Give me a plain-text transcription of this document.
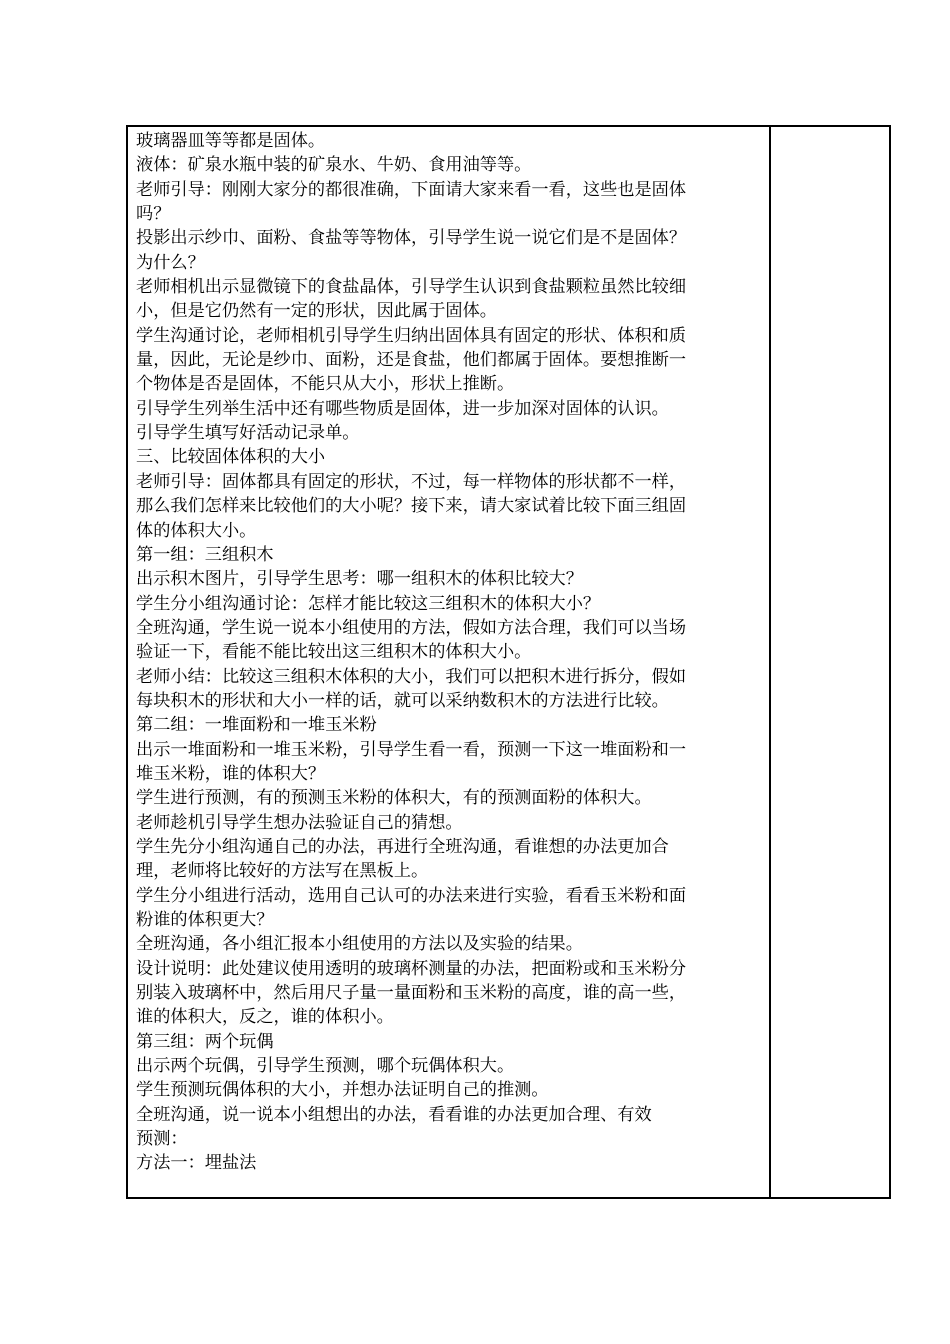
玻璃器皿等等都是固体。
液体：矿泉水瓶中装的矿泉水、牛奶、食用油等等。
老师引导：刚刚大家分的都很准确，下面请大家来看一看，这些也是固体
吗？
投影出示纱巾、面粉、食盐等等物体，引导学生说一说它们是不是固体？
为什么？
老师相机出示显微镜下的食盐晶体，引导学生认识到食盐颗粒虽然比较细
小，但是它仍然有一定的形状，因此属于固体。
学生沟通讨论，老师相机引导学生归纳出固体具有固定的形状、体积和质
量，因此，无论是纱巾、面粉，还是食盐，他们都属于固体。要想推断一
个物体是否是固体，不能只从大小，形状上推断。
引导学生列举生活中还有哪些物质是固体，进一步加深对固体的认识。
引导学生填写好活动记录单。
三、比较固体体积的大小
老师引导：固体都具有固定的形状，不过，每一样物体的形状都不一样，
那么我们怎样来比较他们的大小呢？接下来，请大家试着比较下面三组固
体的体积大小。
第一组：三组积木
出示积木图片，引导学生思考：哪一组积木的体积比较大？
学生分小组沟通讨论：怎样才能比较这三组积木的体积大小？
全班沟通，学生说一说本小组使用的方法，假如方法合理，我们可以当场
验证一下，看能不能比较出这三组积木的体积大小。
老师小结：比较这三组积木体积的大小，我们可以把积木进行拆分，假如
每块积木的形状和大小一样的话，就可以采纳数积木的方法进行比较。
第二组：一堆面粉和一堆玉米粉
出示一堆面粉和一堆玉米粉，引导学生看一看，预测一下这一堆面粉和一
堆玉米粉，谁的体积大？
学生进行预测，有的预测玉米粉的体积大，有的预测面粉的体积大。
老师趁机引导学生想办法验证自己的猜想。
学生先分小组沟通自己的办法，再进行全班沟通，看谁想的办法更加合
理，老师将比较好的方法写在黑板上。
学生分小组进行活动，选用自己认可的办法来进行实验，看看玉米粉和面
粉谁的体积更大？
全班沟通，各小组汇报本小组使用的方法以及实验的结果。
设计说明：此处建议使用透明的玻璃杯测量的办法，把面粉或和玉米粉分
别装入玻璃杯中，然后用尺子量一量面粉和玉米粉的高度，谁的高一些，
谁的体积大，反之，谁的体积小。
第三组：两个玩偶
出示两个玩偶，引导学生预测，哪个玩偶体积大。
学生预测玩偶体积的大小，并想办法证明自己的推测。
全班沟通，说一说本小组想出的办法，看看谁的办法更加合理、有效
预测：
方法一：埋盐法
